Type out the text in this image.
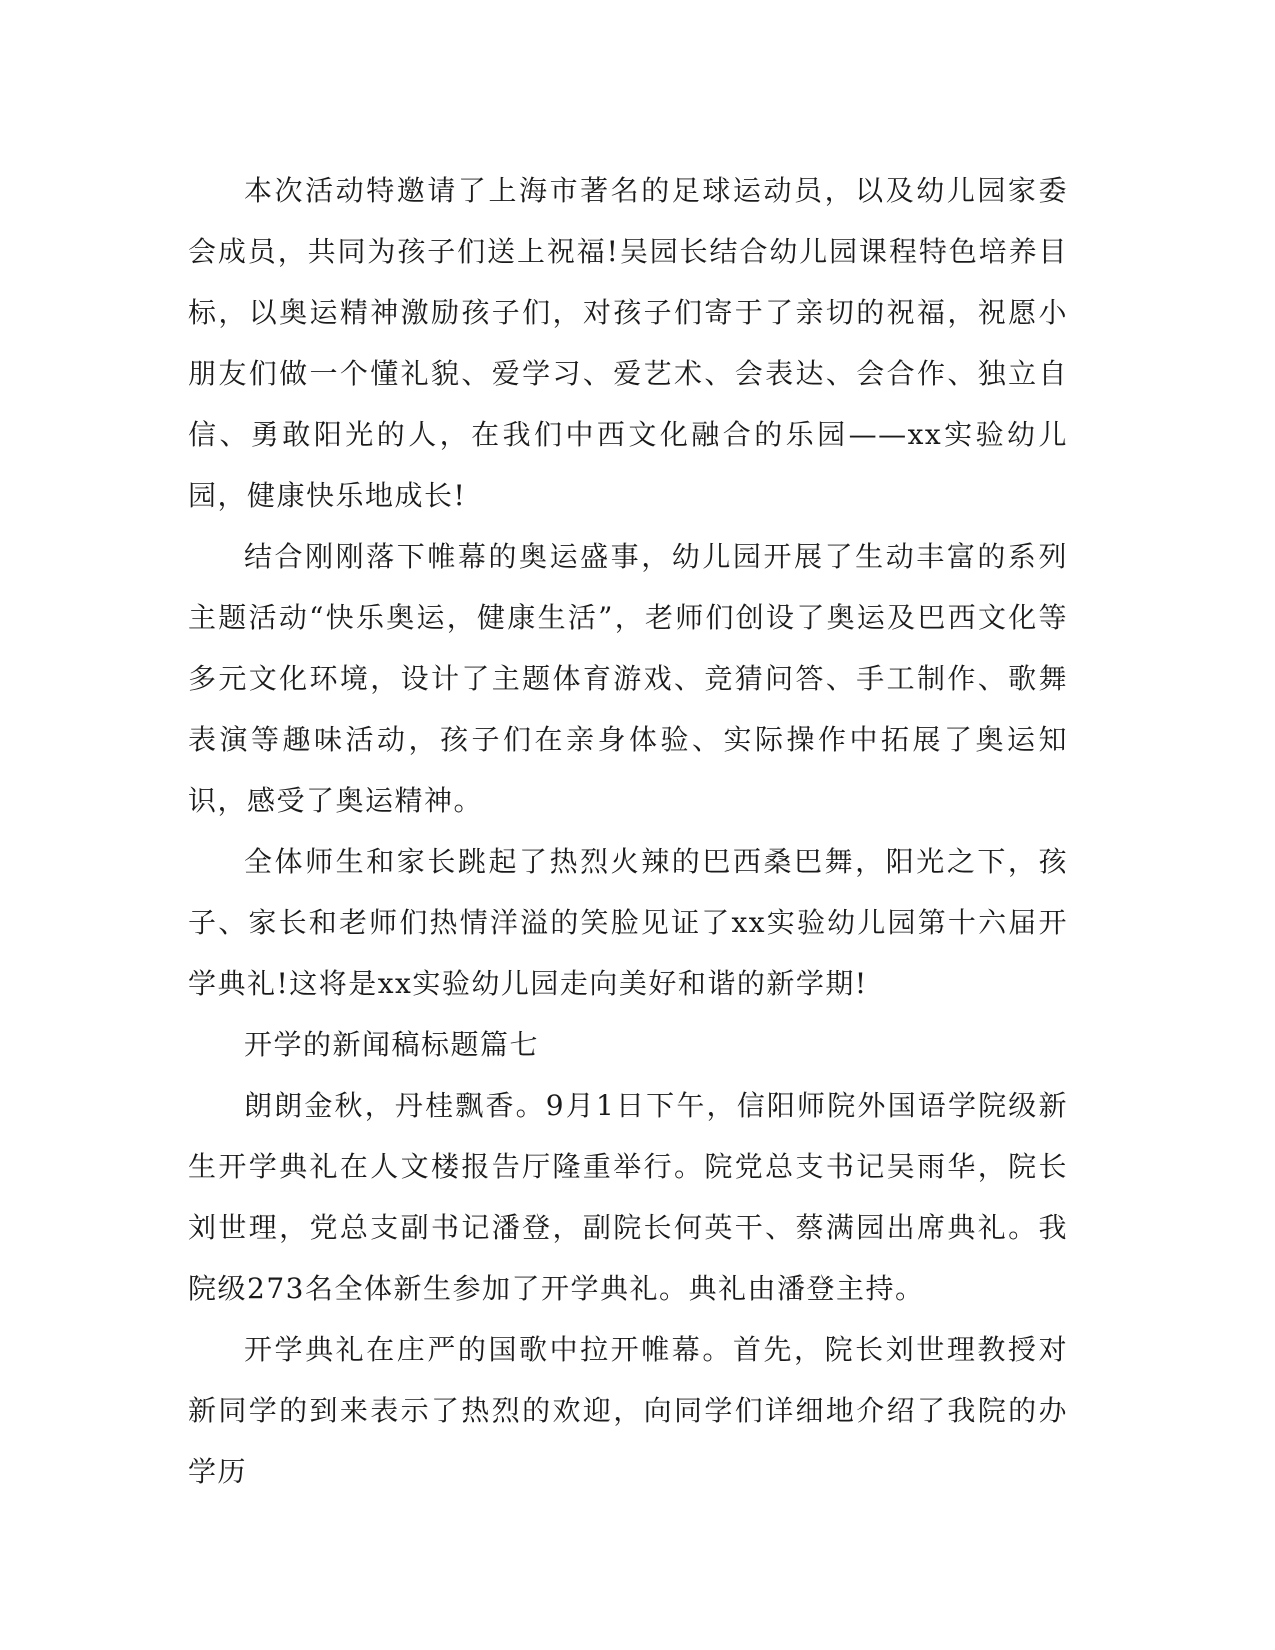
本次活动特邀请了上海市著名的足球运动员，以及幼儿园家委会成员，共同为孩子们送上祝福!吴园长结合幼儿园课程特色培养目标，以奥运精神激励孩子们，对孩子们寄于了亲切的祝福，祝愿小朋友们做一个懂礼貌、爱学习、爱艺术、会表达、会合作、独立自信、勇敢阳光的人，在我们中西文化融合的乐园——xx实验幼儿园，健康快乐地成长!

结合刚刚落下帷幕的奥运盛事，幼儿园开展了生动丰富的系列主题活动“快乐奥运，健康生活”，老师们创设了奥运及巴西文化等多元文化环境，设计了主题体育游戏、竞猜问答、手工制作、歌舞表演等趣味活动，孩子们在亲身体验、实际操作中拓展了奥运知识，感受了奥运精神。

全体师生和家长跳起了热烈火辣的巴西桑巴舞，阳光之下，孩子、家长和老师们热情洋溢的笑脸见证了xx实验幼儿园第十六届开学典礼!这将是xx实验幼儿园走向美好和谐的新学期!

开学的新闻稿标题篇七

朗朗金秋，丹桂飘香。9月1日下午，信阳师院外国语学院级新生开学典礼在人文楼报告厅隆重举行。院党总支书记吴雨华，院长刘世理，党总支副书记潘登，副院长何英干、蔡满园出席典礼。我院级273名全体新生参加了开学典礼。典礼由潘登主持。

开学典礼在庄严的国歌中拉开帷幕。首先，院长刘世理教授对新同学的到来表示了热烈的欢迎，向同学们详细地介绍了我院的办学历
